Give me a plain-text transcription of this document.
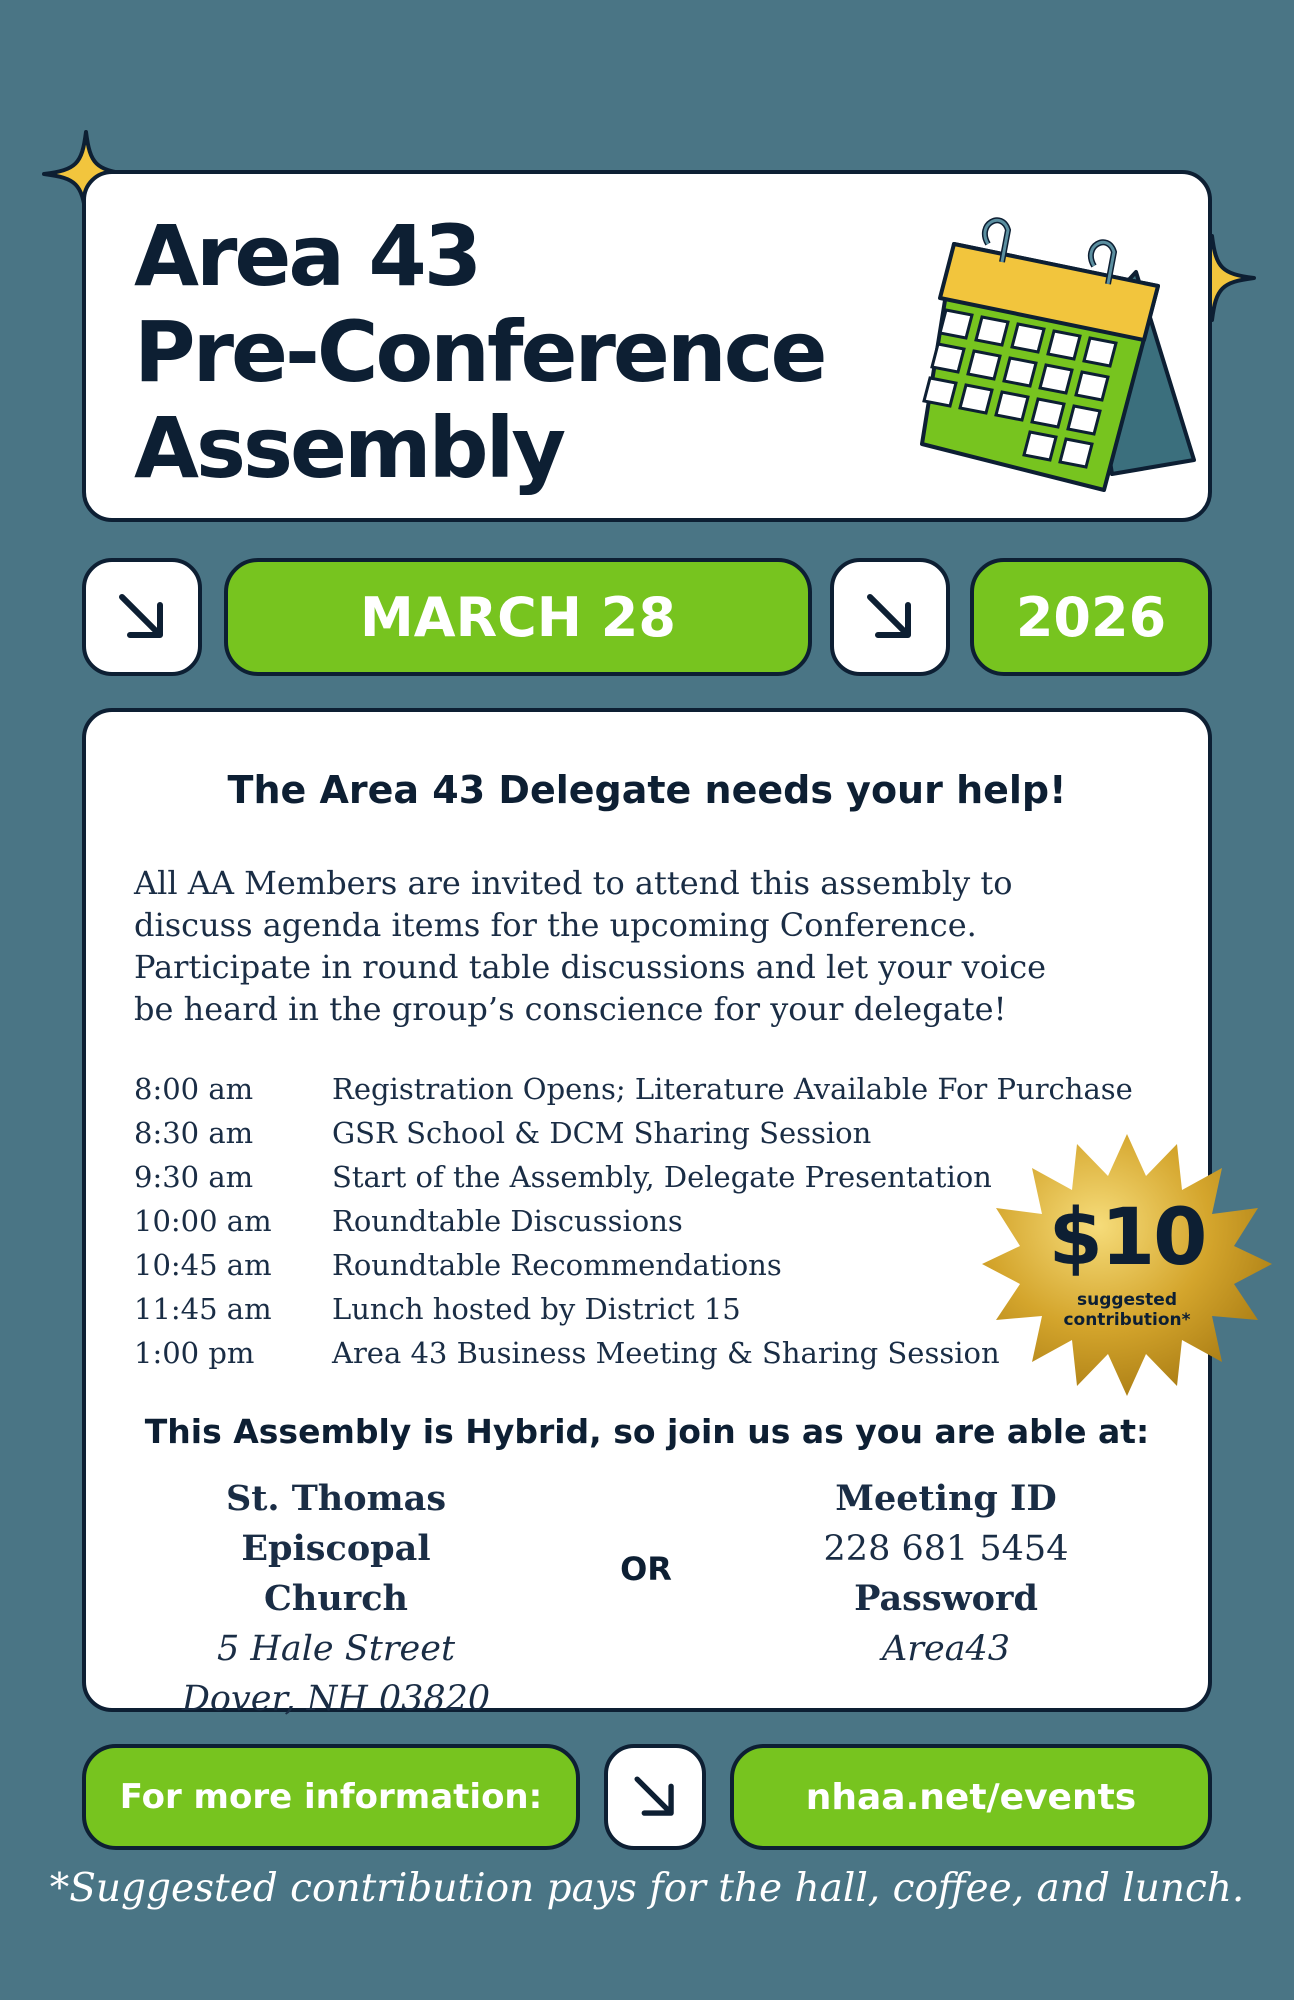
Area 43
Pre-Conference
Assembly
MARCH 28	2026
The Area 43 Delegate needs your help!
All AA Members are invited to attend this assembly to
discuss agenda items for the upcoming Conference.
Participate in round table discussions and let your voice
be heard in the group’s conscience for your delegate!
8:00 am	Registration Opens; Literature Available For Purchase
8:30 am	GSR School & DCM Sharing Session
9:30 am	Start of the Assembly, Delegate Presentation
10:00 am Roundtable Discussions
10:45 am Roundtable Recommendations
11:45 am Lunch hosted by District 15
1:00 pm	Area 43 Business Meeting & Sharing Session
This Assembly is Hybrid, so join us as you are able at:
St. Thomas Episcopal
Church
5 Hale Street
Dover, NH 03820
OR
Meeting ID
228 681 5454
Password
Area43
$10
suggested
contribution*
For more information:	nhaa.net/events
*Suggested contribution pays for the hall, coffee, and lunch.
